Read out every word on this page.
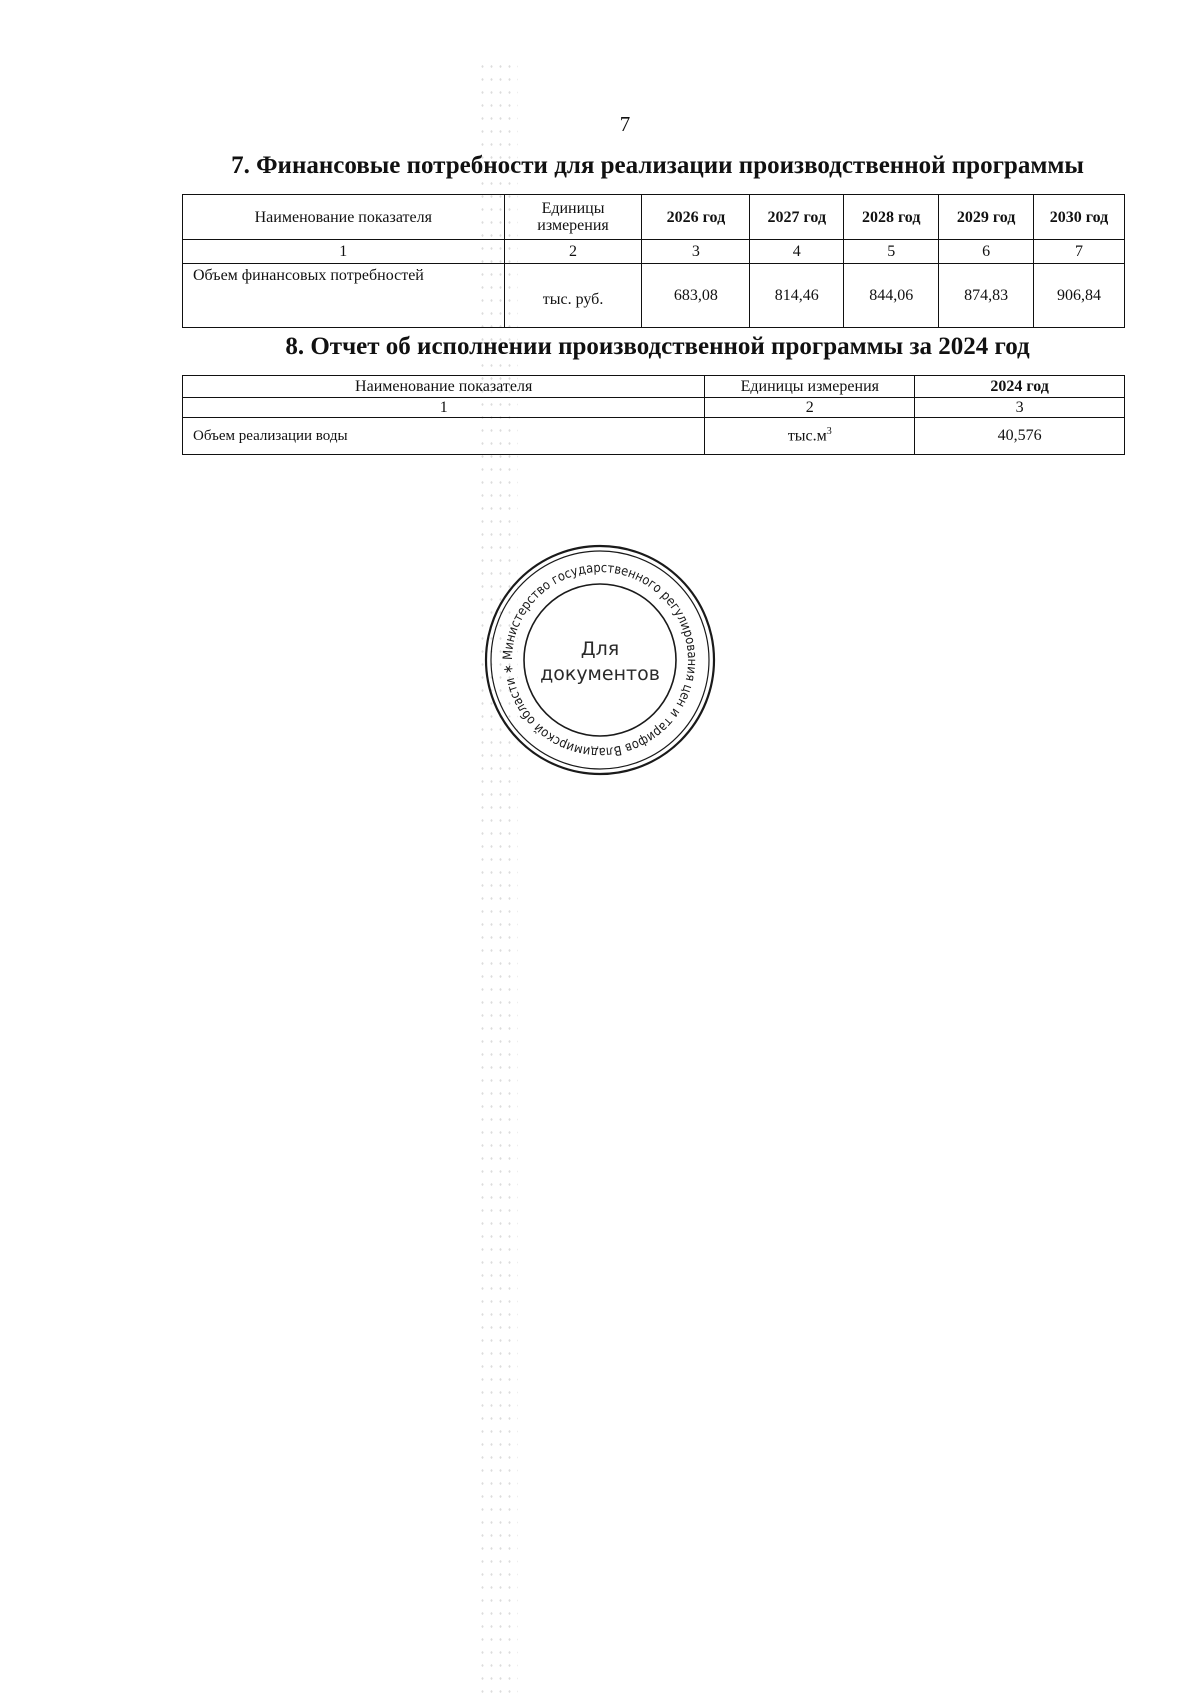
7
7. Финансовые потребности для реализации производственной программы
Наименование показателя	Единицы измерения	2026 год	2027 год	2028 год	2029 год	2030 год
1	2	3	4	5	6	7
Объем финансовых потребностей	тыс. руб.	683,08	814,46	844,06	874,83	906,84
8. Отчет об исполнении производственной программы за 2024 год
Наименование показателя	Единицы измерения	2024 год
1	2	3
Объем реализации воды	$тыс.м^3$	40,576
Министерство государственного регулирования цен и тарифов Владимирской области ∗
Для
документов
